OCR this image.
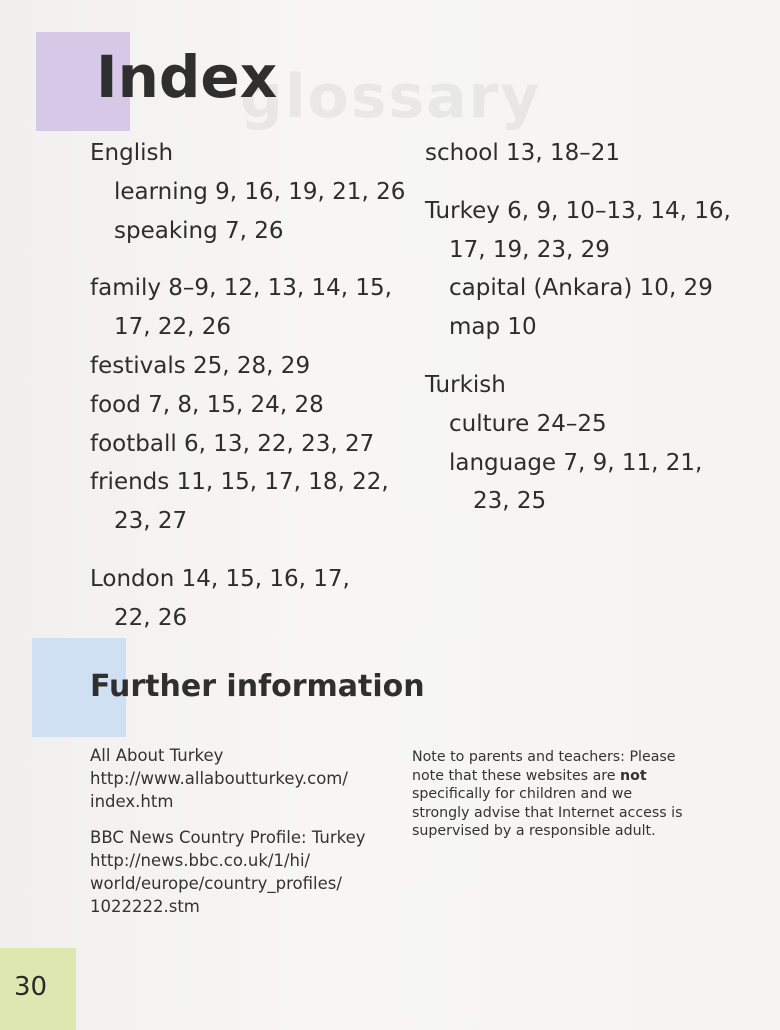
glossary
Index
English
learning 9, 16, 19, 21, 26
speaking 7, 26
family 8–9, 12, 13, 14, 15,
17, 22, 26
festivals 25, 28, 29
food 7, 8, 15, 24, 28
football 6, 13, 22, 23, 27
friends 11, 15, 17, 18, 22,
23, 27
London 14, 15, 16, 17,
22, 26
school 13, 18–21
Turkey 6, 9, 10–13, 14, 16,
17, 19, 23, 29
capital (Ankara) 10, 29
map 10
Turkish
culture 24–25
language 7, 9, 11, 21,
23, 25
Further information
All About Turkey
http://www.allaboutturkey.com/
index.htm
BBC News Country Profile: Turkey
http://news.bbc.co.uk/1/hi/
world/europe/country_profiles/
1022222.stm
Note to parents and teachers: Please
note that these websites are not
specifically for children and we
strongly advise that Internet access is
supervised by a responsible adult.
30
